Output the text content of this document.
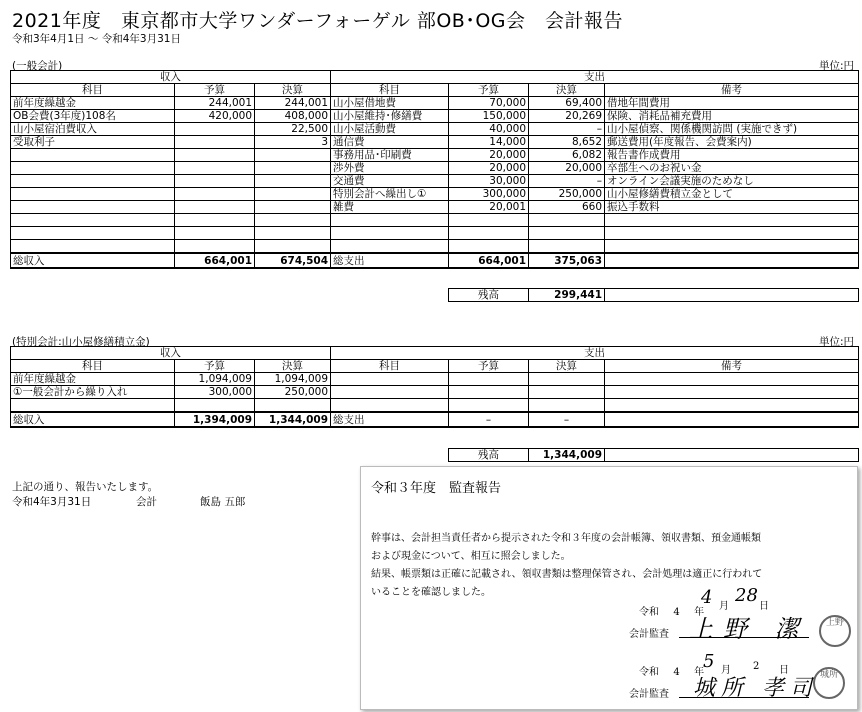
2021年度　東京都市大学ワンダーフォーゲル 部OB･OG会　会計報告
令和3年4月1日 ～ 令和4年3月31日
(一般会計)	単位:円
収入			支出			
科目	予算	決算	科目	予算	決算	備考
前年度繰越金	244,001	244,001	山小屋借地費	70,000	69,400	借地年間費用
OB会費(3年度)108名	420,000	408,000	山小屋維持･修繕費	150,000	20,269	保険、消耗品補充費用
山小屋宿泊費収入		22,500	山小屋活動費	40,000	–	山小屋偵察、関係機関訪問 (実施できず)
受取利子		3	通信費	14,000	8,652	郵送費用(年度報告、会費案内)
			事務用品･印刷費	20,000	6,082	報告書作成費用
			渉外費	20,000	20,000	卒部生へのお祝い金
			交通費	30,000	–	オンライン会議実施のためなし
			特別会計へ繰出し①	300,000	250,000	山小屋修繕費積立金として
			雑費	20,001	660	振込手数料

総収入	664,001	674,504	総支出	664,001	375,063	
残高	299,441	
(特別会計:山小屋修繕積立金)	単位:円
収入			支出			
科目	予算	決算	科目	予算	決算	備考
前年度繰越金	1,094,009	1,094,009				
①一般会計から繰り入れ	300,000	250,000				

総収入	1,394,009	1,344,009	総支出	–	–	
残高	1,344,009	
上記の通り、報告いたします。
令和4年3月31日	会計	飯島 五郎
令和３年度　監査報告
幹事は、会計担当責任者から提示された令和３年度の会計帳簿、領収書類、預金通帳類
および現金について、相互に照会しました。
結果、帳票類は正確に記載され、領収書類は整理保管され、会計処理は適正に行われて
いることを確認しました。
令和 4 年
4 月
28
日
会計監査 上野 潔	上野
令和 4 年
5 月 2 日
会計監査 城所 孝司
城所
